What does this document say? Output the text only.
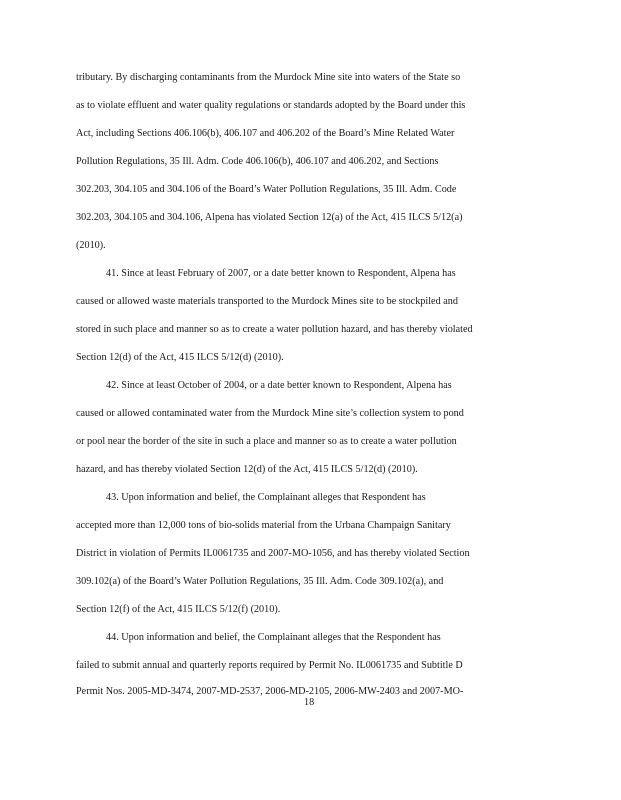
tributary. By discharging contaminants from the Murdock Mine site into waters of the State so
as to violate effluent and water quality regulations or standards adopted by the Board under this
Act, including Sections 406.106(b), 406.107 and 406.202 of the Board’s Mine Related Water
Pollution Regulations, 35 Ill. Adm. Code 406.106(b), 406.107 and 406.202, and Sections
302.203, 304.105 and 304.106 of the Board’s Water Pollution Regulations, 35 Ill. Adm. Code
302.203, 304.105 and 304.106, Alpena has violated Section 12(a) of the Act, 415 ILCS 5/12(a)
(2010).
41. Since at least February of 2007, or a date better known to Respondent, Alpena has
caused or allowed waste materials transported to the Murdock Mines site to be stockpiled and
stored in such place and manner so as to create a water pollution hazard, and has thereby violated
Section 12(d) of the Act, 415 ILCS 5/12(d) (2010).
42. Since at least October of 2004, or a date better known to Respondent, Alpena has
caused or allowed contaminated water from the Murdock Mine site’s collection system to pond
or pool near the border of the site in such a place and manner so as to create a water pollution
hazard, and has thereby violated Section 12(d) of the Act, 415 ILCS 5/12(d) (2010).
43. Upon information and belief, the Complainant alleges that Respondent has
accepted more than 12,000 tons of bio-solids material from the Urbana Champaign Sanitary
District in violation of Permits IL0061735 and 2007-MO-1056, and has thereby violated Section
309.102(a) of the Board’s Water Pollution Regulations, 35 Ill. Adm. Code 309.102(a), and
Section 12(f) of the Act, 415 ILCS 5/12(f) (2010).
44. Upon information and belief, the Complainant alleges that the Respondent has
failed to submit annual and quarterly reports required by Permit No. IL0061735 and Subtitle D
Permit Nos. 2005-MD-3474, 2007-MD-2537, 2006-MD-2105, 2006-MW-2403 and 2007-MO-
18
